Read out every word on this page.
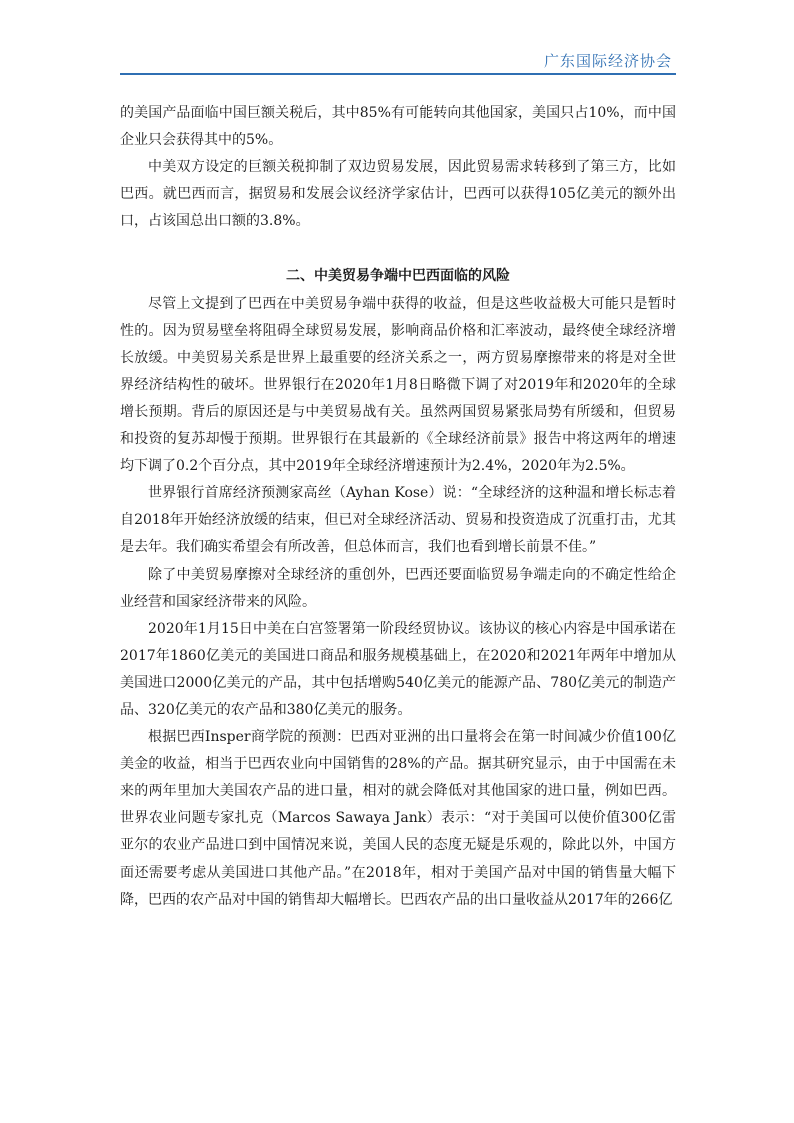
广东国际经济协会

的美国产品面临中国巨额关税后，其中85%有可能转向其他国家，美国只占10%，而中国企业只会获得其中的5%。

中美双方设定的巨额关税抑制了双边贸易发展，因此贸易需求转移到了第三方，比如巴西。就巴西而言，据贸易和发展会议经济学家估计，巴西可以获得105亿美元的额外出口，占该国总出口额的3.8%。

二、中美贸易争端中巴西面临的风险

尽管上文提到了巴西在中美贸易争端中获得的收益，但是这些收益极大可能只是暂时性的。因为贸易壁垒将阻碍全球贸易发展，影响商品价格和汇率波动，最终使全球经济增长放缓。中美贸易关系是世界上最重要的经济关系之一，两方贸易摩擦带来的将是对全世界经济结构性的破坏。世界银行在2020年1月8日略微下调了对2019年和2020年的全球增长预期。背后的原因还是与中美贸易战有关。虽然两国贸易紧张局势有所缓和，但贸易和投资的复苏却慢于预期。世界银行在其最新的《全球经济前景》报告中将这两年的增速均下调了0.2个百分点，其中2019年全球经济增速预计为2.4%，2020年为2.5%。

世界银行首席经济预测家高丝（Ayhan Kose）说：“全球经济的这种温和增长标志着自2018年开始经济放缓的结束，但已对全球经济活动、贸易和投资造成了沉重打击，尤其是去年。我们确实希望会有所改善，但总体而言，我们也看到增长前景不佳。”

除了中美贸易摩擦对全球经济的重创外，巴西还要面临贸易争端走向的不确定性给企业经营和国家经济带来的风险。

2020年1月15日中美在白宫签署第一阶段经贸协议。该协议的核心内容是中国承诺在2017年1860亿美元的美国进口商品和服务规模基础上，在2020和2021年两年中增加从美国进口2000亿美元的产品，其中包括增购540亿美元的能源产品、780亿美元的制造产品、320亿美元的农产品和380亿美元的服务。

根据巴西Insper商学院的预测：巴西对亚洲的出口量将会在第一时间减少价值100亿美金的收益，相当于巴西农业向中国销售的28%的产品。据其研究显示，由于中国需在未来的两年里加大美国农产品的进口量，相对的就会降低对其他国家的进口量，例如巴西。世界农业问题专家扎克（Marcos Sawaya Jank）表示：“对于美国可以使价值300亿雷亚尔的农业产品进口到中国情况来说，美国人民的态度无疑是乐观的，除此以外，中国方面还需要考虑从美国进口其他产品。”在2018年，相对于美国产品对中国的销售量大幅下降，巴西的农产品对中国的销售却大幅增长。巴西农产品的出口量收益从2017年的266亿
